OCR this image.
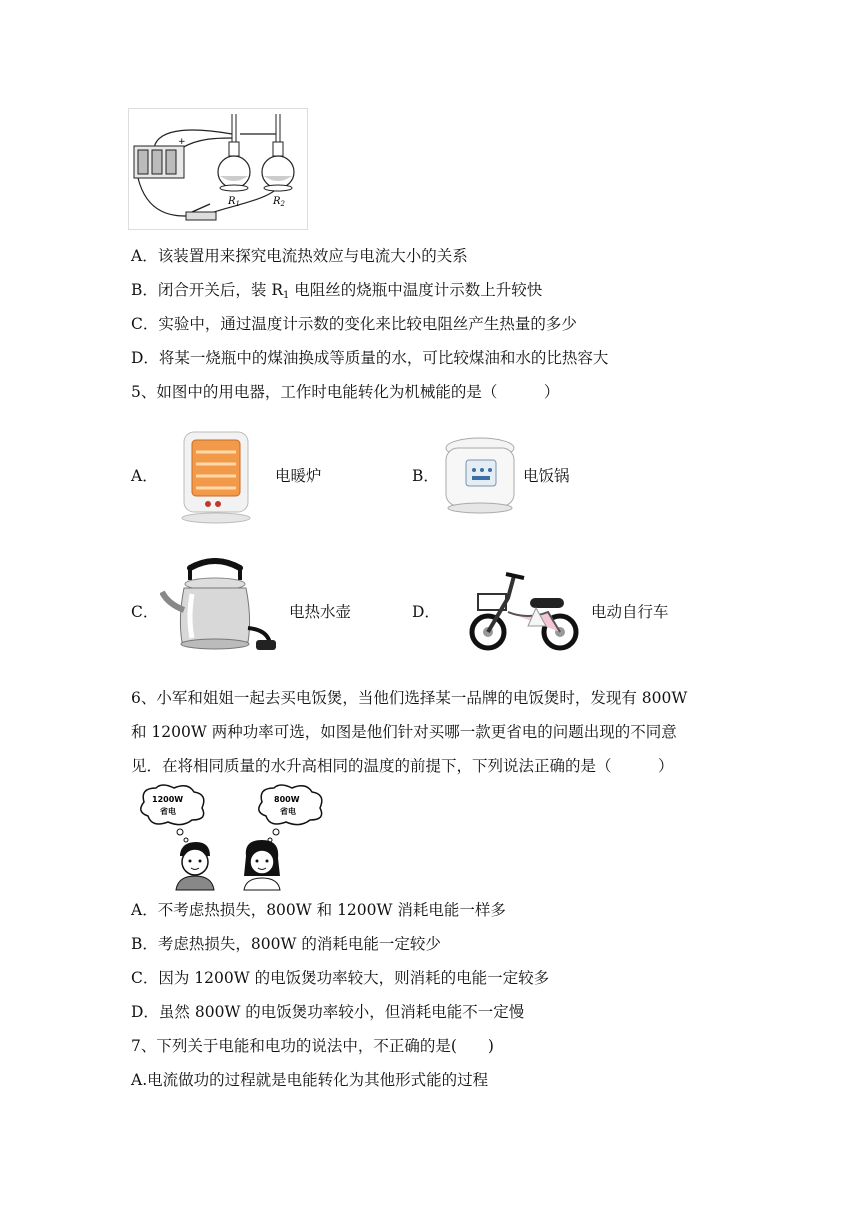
+
$R_1$	$R_2$
A．该装置用来探究电流热效应与电流大小的关系
B．闭合开关后，装 $R_1$ 电阻丝的烧瓶中温度计示数上升较快
C．实验中，通过温度计示数的变化来比较电阻丝产生热量的多少
D．将某一烧瓶中的煤油换成等质量的水，可比较煤油和水的比热容大
5、如图中的用电器，工作时电能转化为机械能的是（　　　）
A．	电暖炉	B．	电饭锅
C．	电热水壶	D．	电动自行车
6、小军和姐姐一起去买电饭煲，当他们选择某一品牌的电饭煲时，发现有 800W
和 1200W 两种功率可选，如图是他们针对买哪一款更省电的问题出现的不同意
见．在将相同质量的水升高相同的温度的前提下，下列说法正确的是（　　　）
1200W
省电
800W
省电
A．不考虑热损失，800W 和 1200W 消耗电能一样多
B．考虑热损失，800W 的消耗电能一定较少
C．因为 1200W 的电饭煲功率较大，则消耗的电能一定较多
D．虽然 800W 的电饭煲功率较小，但消耗电能不一定慢
7、下列关于电能和电功的说法中，不正确的是(　　)
A.电流做功的过程就是电能转化为其他形式能的过程
